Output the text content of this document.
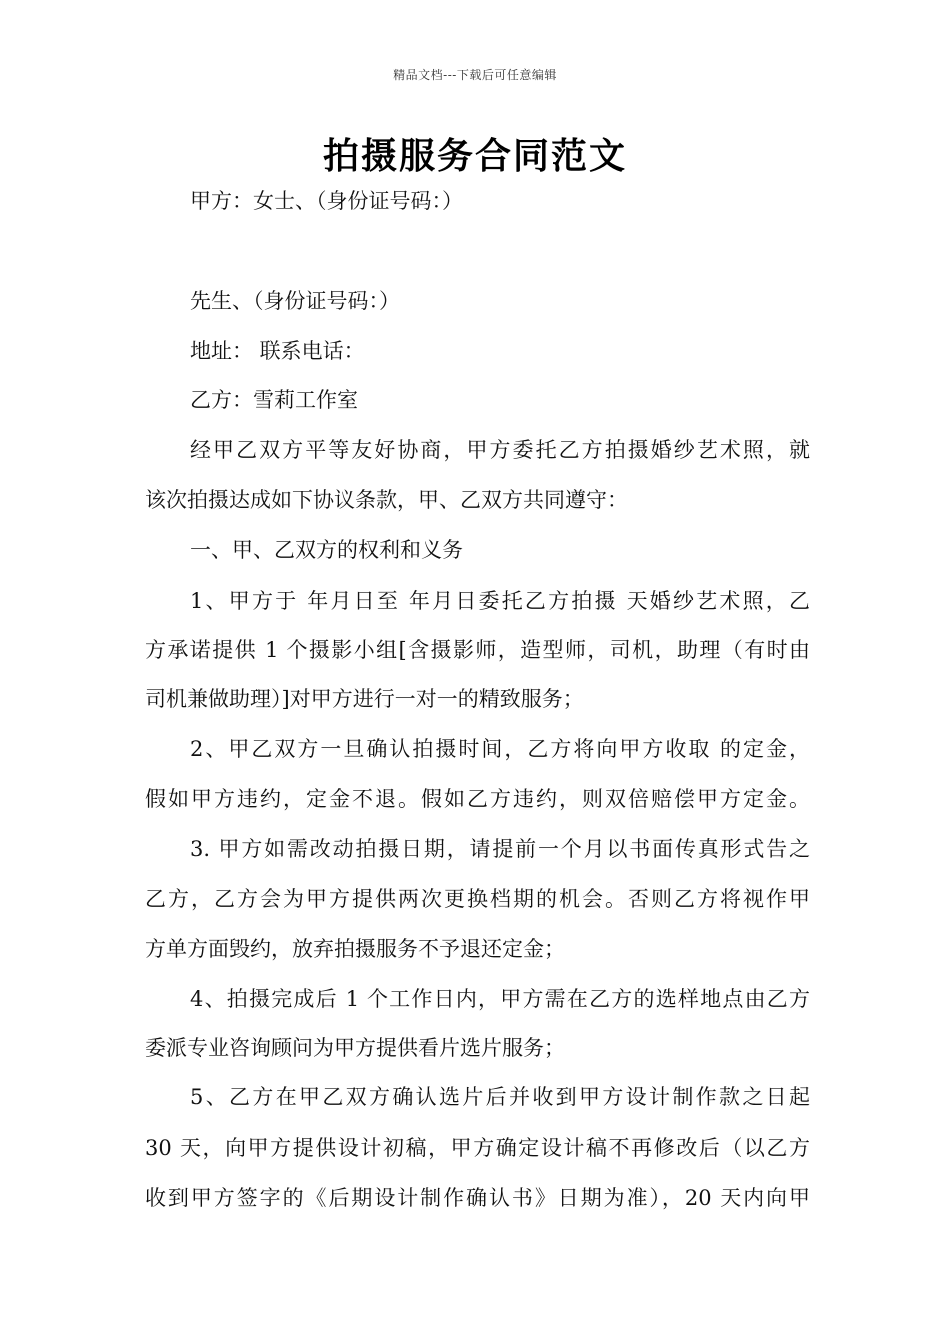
精品文档---下载后可任意编辑
拍摄服务合同范文
甲方：女士、（身份证号码：）
先生、（身份证号码：）
地址： 联系电话：
乙方：雪莉工作室
经甲乙双方平等友好协商，甲方委托乙方拍摄婚纱艺术照，就
该次拍摄达成如下协议条款，甲、乙双方共同遵守：
一、甲、乙双方的权利和义务
1、甲方于 年月日至 年月日委托乙方拍摄 天婚纱艺术照，乙
方承诺提供 1 个摄影小组[含摄影师，造型师，司机，助理（有时由
司机兼做助理）]对甲方进行一对一的精致服务；
2、甲乙双方一旦确认拍摄时间，乙方将向甲方收取 的定金，
假如甲方违约，定金不退。假如乙方违约，则双倍赔偿甲方定金。
3. 甲方如需改动拍摄日期，请提前一个月以书面传真形式告之
乙方，乙方会为甲方提供两次更换档期的机会。否则乙方将视作甲
方单方面毁约，放弃拍摄服务不予退还定金；
4、拍摄完成后 1 个工作日内，甲方需在乙方的选样地点由乙方
委派专业咨询顾问为甲方提供看片选片服务；
5、乙方在甲乙双方确认选片后并收到甲方设计制作款之日起
30 天，向甲方提供设计初稿，甲方确定设计稿不再修改后（以乙方
收到甲方签字的《后期设计制作确认书》日期为准），20 天内向甲
